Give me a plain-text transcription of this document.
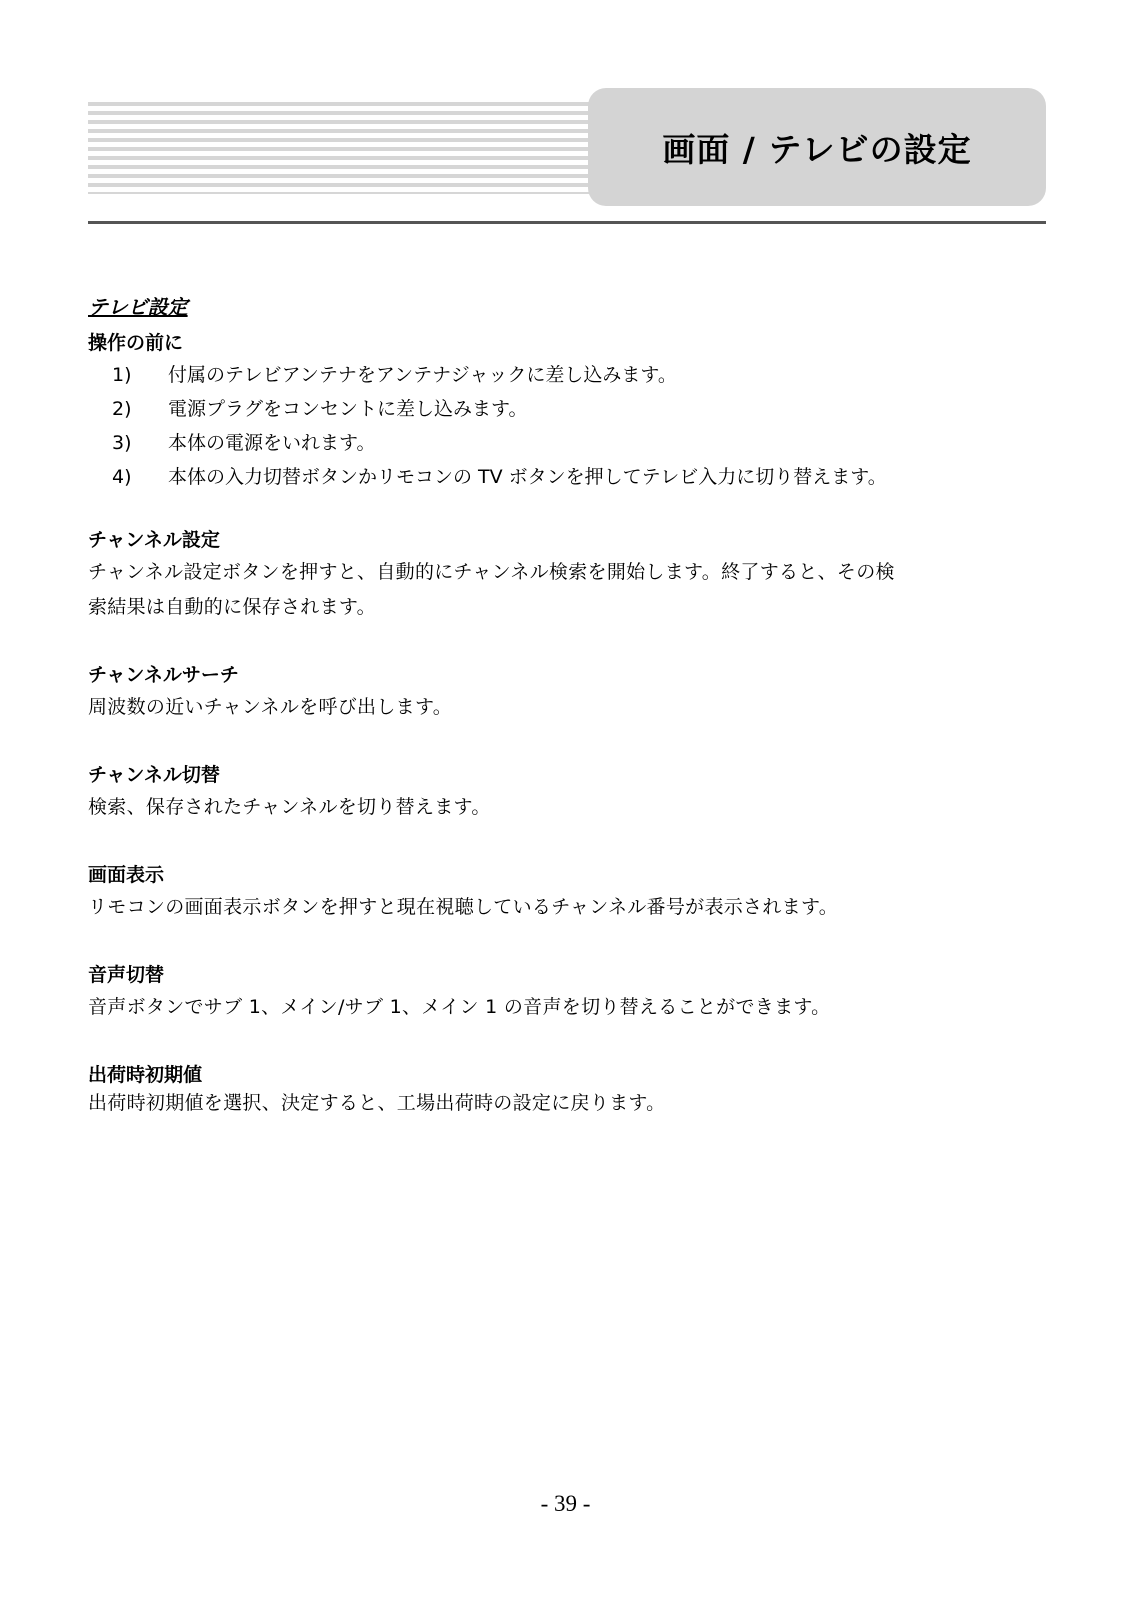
画面 / テレビの設定
テレビ設定
操作の前に
1)	付属のテレビアンテナをアンテナジャックに差し込みます。
2)	電源プラグをコンセントに差し込みます。
3)	本体の電源をいれます。
4)	本体の入力切替ボタンかリモコンの TV ボタンを押してテレビ入力に切り替えます。
チャンネル設定
チャンネル設定ボタンを押すと、自動的にチャンネル検索を開始します。終了すると、その検
索結果は自動的に保存されます。
チャンネルサーチ
周波数の近いチャンネルを呼び出します。
チャンネル切替
検索、保存されたチャンネルを切り替えます。
画面表示
リモコンの画面表示ボタンを押すと現在視聴しているチャンネル番号が表示されます。
音声切替
音声ボタンでサブ 1、メイン/サブ 1、メイン 1 の音声を切り替えることができます。
出荷時初期値
出荷時初期値を選択、決定すると、工場出荷時の設定に戻ります。
- 39 -
